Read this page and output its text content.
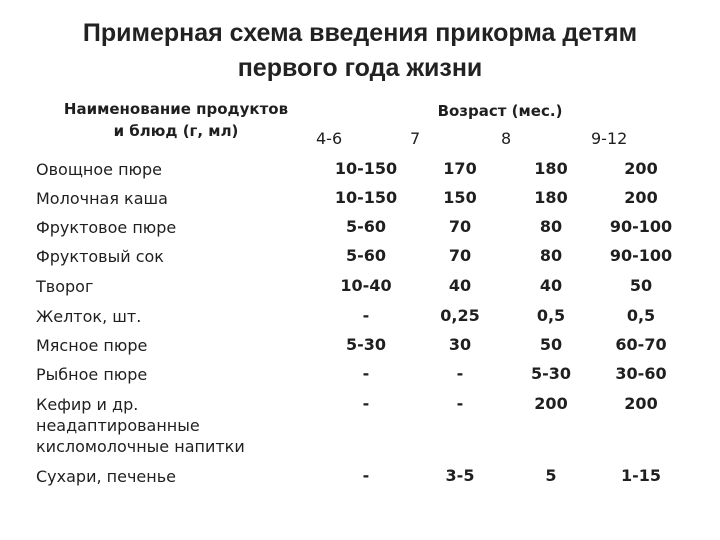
Примерная схема введения прикорма детям
первого года жизни
Наименование продуктов
и блюд (г, мл)
Возраст (мес.)
4-6	7	8	9-12
Овощное пюре	10-150	170	180	200
Молочная каша	10-150	150	180	200
Фруктовое пюре	5-60	70	80	90-100
Фруктовый сок	5-60	70	80	90-100
Творог	10-40	40	40	50
Желток, шт.	-	0,25	0,5	0,5
Мясное пюре	5-30	30	50	60-70
Рыбное пюре	-	-	5-30	30-60
Кефир и др.
неадаптированные
кисломолочные напитки
-	-	200	200
Сухари, печенье	-	3-5	5	1-15
